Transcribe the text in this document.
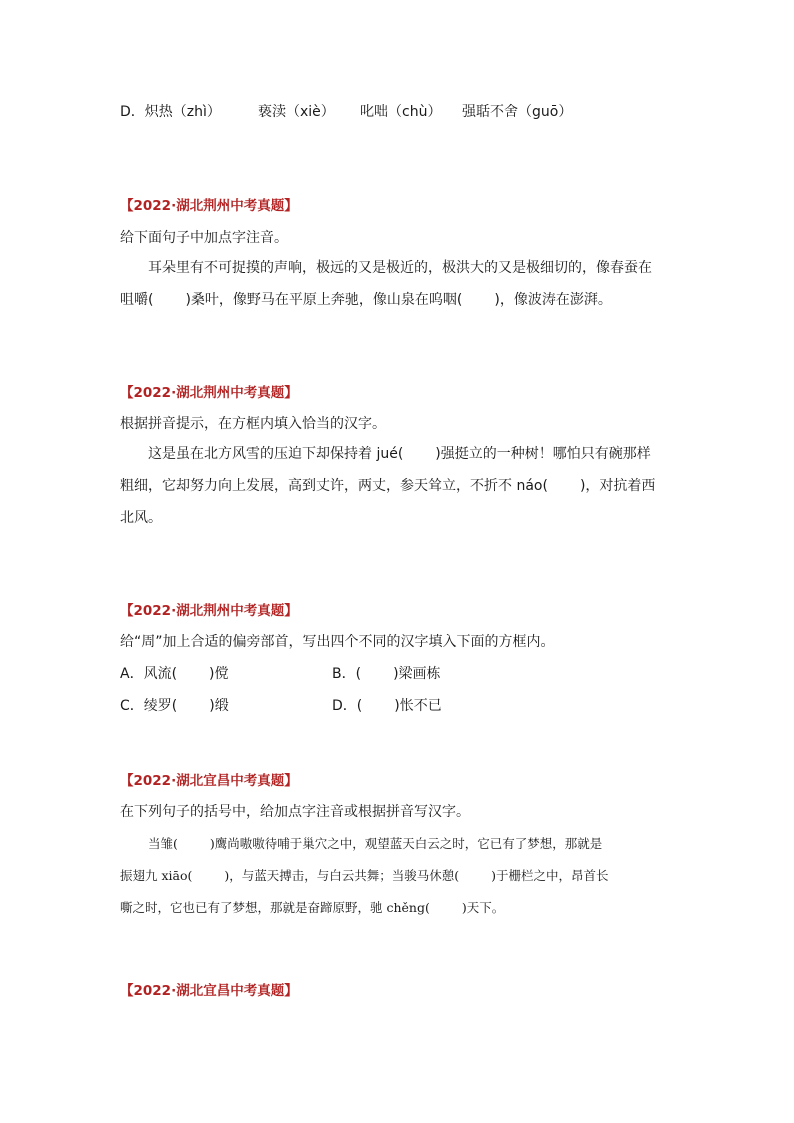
D．炽热（zhì）	亵渎（xiè） 叱咄（chù） 强聒不舍（guō）
【2022·湖北荆州中考真题】
给下面句子中加点字注音。
耳朵里有不可捉摸的声响，极远的又是极近的，极洪大的又是极细切的，像春蚕在
咀嚼( )桑叶，像野马在平原上奔驰，像山泉在呜咽( )，像波涛在澎湃。
【2022·湖北荆州中考真题】
根据拼音提示，在方框内填入恰当的汉字。
这是虽在北方风雪的压迫下却保持着 jué( )强挺立的一种树！哪怕只有碗那样
粗细，它却努力向上发展，高到丈许，两丈，参天耸立，不折不 náo( )，对抗着西
北风。
【2022·湖北荆州中考真题】
给“周”加上合适的偏旁部首，写出四个不同的汉字填入下面的方框内。
A．风流( )傥	B．( )梁画栋
C．绫罗( )缎	D．( )怅不已
【2022·湖北宜昌中考真题】
在下列句子的括号中，给加点字注音或根据拼音写汉字。
当雏(	)鹰尚嗷嗷待哺于巢穴之中，观望蓝天白云之时，它已有了梦想，那就是
振翅九 xiāo(	)，与蓝天搏击，与白云共舞；当骏马休憩(	)于栅栏之中，昂首长
嘶之时，它也已有了梦想，那就是奋蹄原野，驰 chěng(	)天下。
【2022·湖北宜昌中考真题】
